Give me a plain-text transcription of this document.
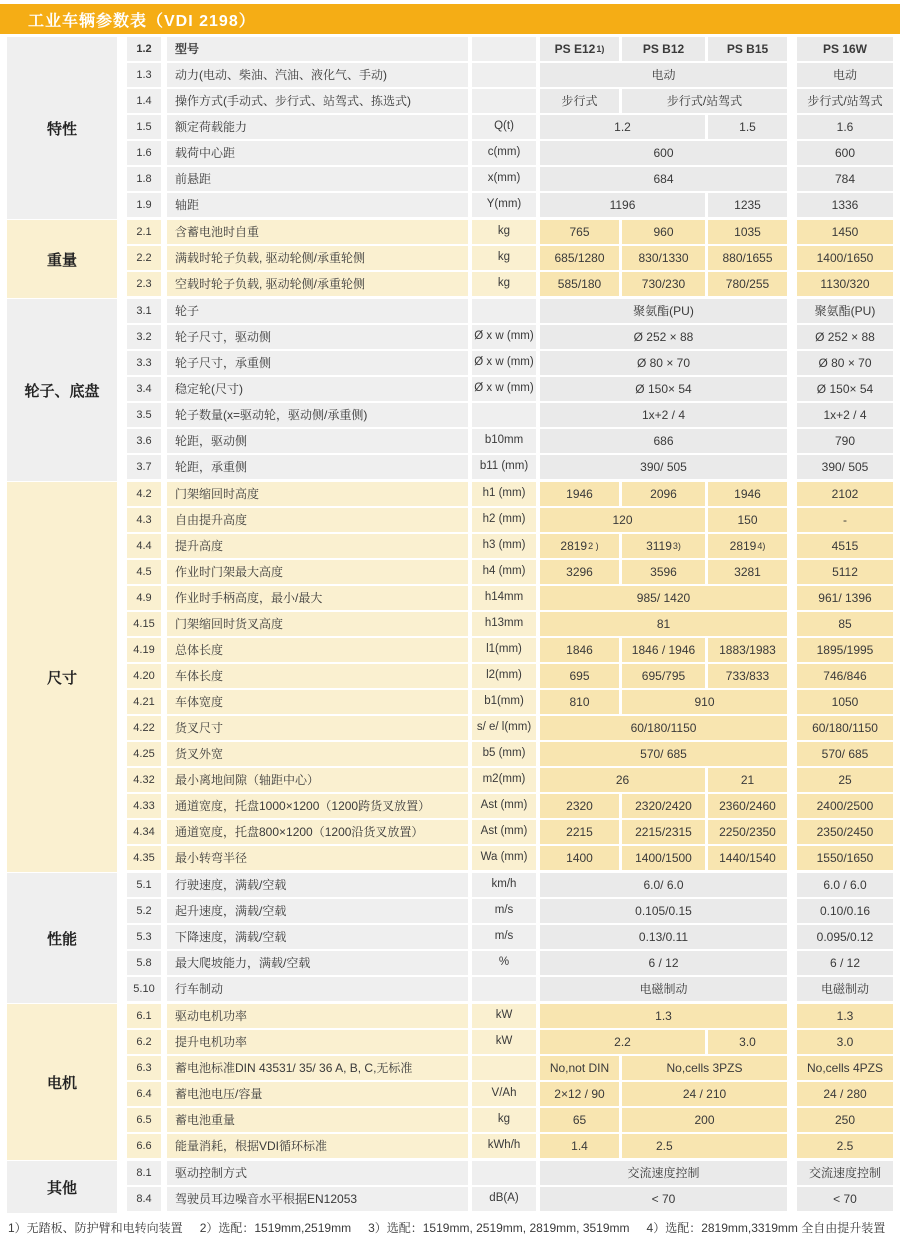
工业车辆参数表（VDI 2198）
特性
1.2	型号	PS E12 1)	PS B12	PS B15	PS 16W
1.3	动力(电动、柴油、汽油、液化气、手动)	电动	电动
1.4	操作方式(手动式、步行式、站驾式、拣选式)	步行式	步行式/站驾式	步行式/站驾式
1.5	额定荷载能力	Q(t)	1.2	1.5	1.6
1.6	载荷中心距	c(mm)	600	600
1.8	前悬距	x(mm)	684	784
1.9	轴距	Y(mm)	1196	1235	1336
重量
2.1	含蓄电池时自重	kg	765	960	1035	1450
2.2	满载时轮子负载, 驱动轮侧/承重轮侧	kg	685/1280	830/1330	880/1655	1400/1650
2.3	空载时轮子负载, 驱动轮侧/承重轮侧	kg	585/180	730/230	780/255	1130/320
轮子、底盘
3.1	轮子	聚氨酯(PU)	聚氨酯(PU)
3.2	轮子尺寸，驱动侧	Ø x w (mm)	Ø 252 × 88	Ø 252 × 88
3.3	轮子尺寸，承重侧	Ø x w (mm)	Ø 80 × 70	Ø 80 × 70
3.4	稳定轮(尺寸)	Ø x w (mm)	Ø 150× 54	Ø 150× 54
3.5	轮子数量(x=驱动轮，驱动侧/承重侧)	1x+2 / 4	1x+2 / 4
3.6	轮距，驱动侧	b10mm	686	790
3.7	轮距，承重侧	b11 (mm)	390/ 505	390/ 505
尺寸
4.2	门架缩回时高度	h1 (mm)	1946	2096	1946	2102
4.3	自由提升高度	h2 (mm)	120	150	-
4.4	提升高度	h3 (mm)	2819 2 )	3119 3)	2819 4)	4515
4.5	作业时门架最大高度	h4 (mm)	3296	3596	3281	5112
4.9	作业时手柄高度，最小/最大	h14mm	985/ 1420	961/ 1396
4.15	门架缩回时货叉高度	h13mm	81	85
4.19	总体长度	l1(mm)	1846	1846 / 1946	1883/1983	1895/1995
4.20	车体长度	l2(mm)	695	695/795	733/833	746/846
4.21	车体宽度	b1(mm)	810	910	1050
4.22	货叉尺寸	s/ e/ l(mm)	60/180/1150	60/180/1150
4.25	货叉外宽	b5 (mm)	570/ 685	570/ 685
4.32	最小离地间隙（轴距中心）	m2(mm)	26	21	25
4.33	通道宽度，托盘1000×1200（1200跨货叉放置）	Ast (mm)	2320	2320/2420	2360/2460	2400/2500
4.34	通道宽度，托盘800×1200（1200沿货叉放置）	Ast (mm)	2215	2215/2315	2250/2350	2350/2450
4.35	最小转弯半径	Wa (mm)	1400	1400/1500	1440/1540	1550/1650
性能
5.1	行驶速度，满载/空载	km/h	6.0/ 6.0	6.0 / 6.0
5.2	起升速度，满载/空载	m/s	0.105/0.15	0.10/0.16
5.3	下降速度，满载/空载	m/s	0.13/0.11	0.095/0.12
5.8	最大爬坡能力，满载/空载	%	6 / 12	6 / 12
5.10	行车制动	电磁制动	电磁制动
电机
6.1	驱动电机功率	kW	1.3	1.3
6.2	提升电机功率	kW	2.2	3.0	3.0
6.3	蓄电池标准DIN 43531/ 35/ 36 A, B, C,无标准	No,not DIN	No,cells 3PZS	No,cells 4PZS
6.4	蓄电池电压/容量	V/Ah	2×12 / 90	24 / 210	24 / 280
6.5	蓄电池重量	kg	65	200	250
6.6	能量消耗，根据VDI循环标准	kWh/h	1.4	2.5	2.5
其他
8.1	驱动控制方式	交流速度控制	交流速度控制
8.4	驾驶员耳边噪音水平根据EN12053	dB(A)	< 70	< 70
1）无踏板、防护臂和电转向装置 2）选配：1519mm,2519mm 3）选配：1519mm, 2519mm, 2819mm, 3519mm 4）选配：2819mm,3319mm 全自由提升装置
